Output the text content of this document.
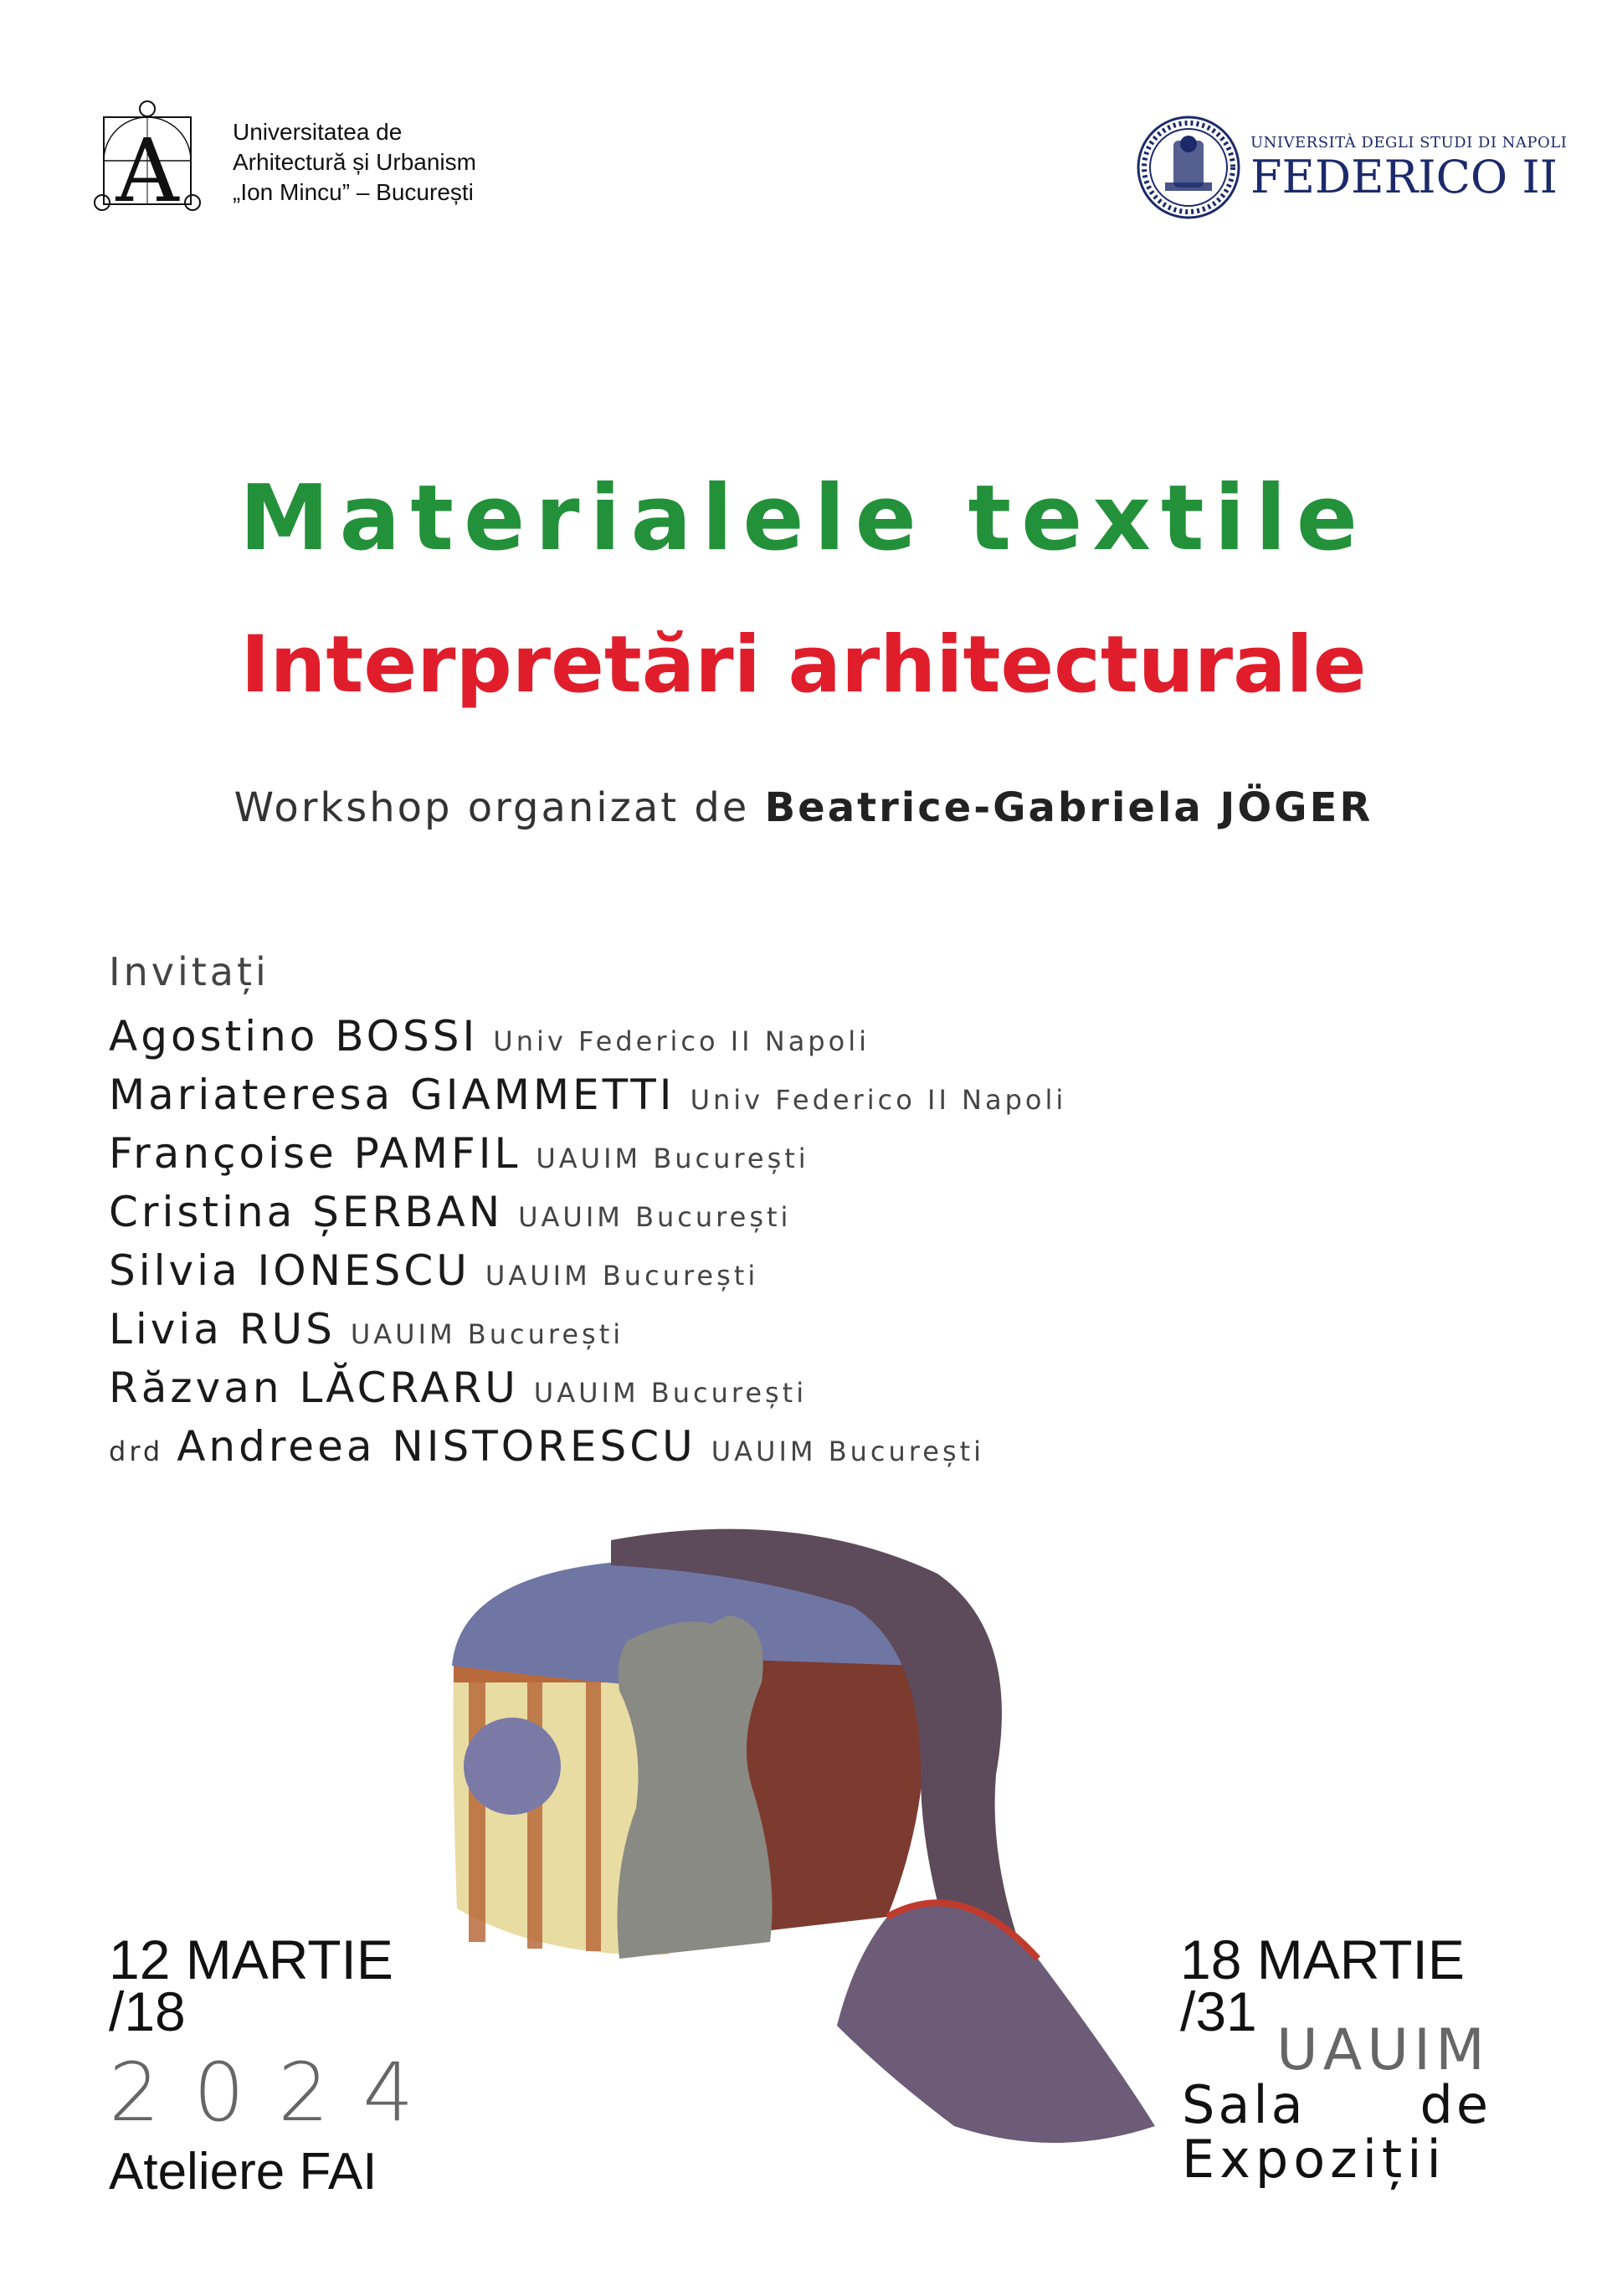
A Universitatea de
Arhitectură și Urbanism
„Ion Mincu” – București
UNIVERSITÀ DEGLI STUDI DI NAPOLI
FEDERICO II
Materialele textile
Interpretări arhitecturale
Workshop organizat de Beatrice-Gabriela JÖGER
Invitați
Agostino BOSSI Univ Federico II Napoli
Mariateresa GIAMMETTI Univ Federico II Napoli
Françoise PAMFIL UAUIM București
Cristina ȘERBAN UAUIM București
Silvia IONESCU UAUIM București
Livia RUS UAUIM București
Răzvan LĂCRARU UAUIM București
drd Andreea NISTORESCU UAUIM București
12 MARTIE
/18
2024
Ateliere FAI
18 MARTIE
/31
UAUIM
Sala de
Expoziții
